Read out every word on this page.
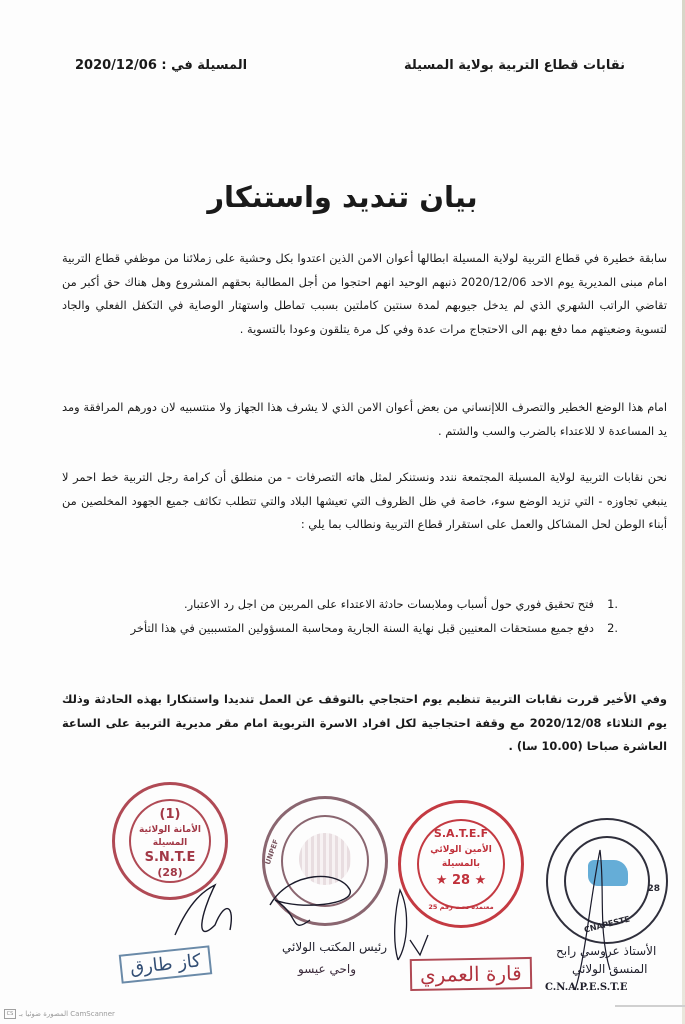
نقابات قطاع التربية بولاية المسيلة
المسيلة في : 2020/12/06
بيان تنديد واستنكار
سابقة خطيرة في قطاع التربية لولاية المسيلة ابطالها أعوان الامن الذين اعتدوا بكل وحشية على زملائنا من موظفي قطاع التربية امام مبنى المديرية يوم الاحد 2020/12/06 ذنبهم الوحيد انهم احتجوا من أجل المطالبة بحقهم المشروع وهل هناك حق أكبر من تقاضي الراتب الشهري الذي لم يدخل جيوبهم لمدة سنتين كاملتين بسبب تماطل واستهتار الوصاية في التكفل الفعلي والجاد لتسوية وضعيتهم مما دفع بهم الى الاحتجاج مرات عدة وفي كل مرة يتلقون وعودا بالتسوية .
امام هذا الوضع الخطير والتصرف اللاإنساني من بعض أعوان الامن الذي لا يشرف هذا الجهاز ولا منتسبيه لان دورهم المرافقة ومد يد المساعدة لا للاعتداء بالضرب والسب والشتم .
نحن نقابات التربية لولاية المسيلة المجتمعة نندد ونستنكر لمثل هاته التصرفات - من منطلق أن كرامة رجل التربية خط احمر لا ينبغي تجاوزه - التي تزيد الوضع سوء، خاصة في ظل الظروف التي تعيشها البلاد والتي تتطلب تكاثف جميع الجهود المخلصين من أبناء الوطن لحل المشاكل والعمل على استقرار قطاع التربية ونطالب بما يلي :
1.
فتح تحقيق فوري حول أسباب وملابسات حادثة الاعتداء على المربين من اجل رد الاعتبار.
2.
دفع جميع مستحقات المعنيين قبل نهاية السنة الجارية ومحاسبة المسؤولين المتسببين في هذا التأخر
وفي الأخير قررت نقابات التربية تنظيم يوم احتجاجي بالتوقف عن العمل تنديدا واستنكارا بهذه الحادثة وذلك يوم الثلاثاء 2020/12/08 مع وقفة احتجاجية لكل افراد الاسرة التربوية امام مقر مديرية التربية على الساعة العاشرة صباحا (10.00 سا) .
(1)
الأمانة الولائية
المسيلة
S.N.T.E
(28)
كاز طارق
UNPEF
رئيس المكتب الولائي
واحي عيسو
S.A.T.E.F
الأمين الولائي
بالمسيلة
★ 28 ★
معتمدة تحت رقم 25
قارة العمري
28
CNAPESTE
الأستاذ عروسي رابح
المنسق الولائي
C.N.A.P.E.S.T.E
CS المصورة ضوئيا بـ CamScanner
